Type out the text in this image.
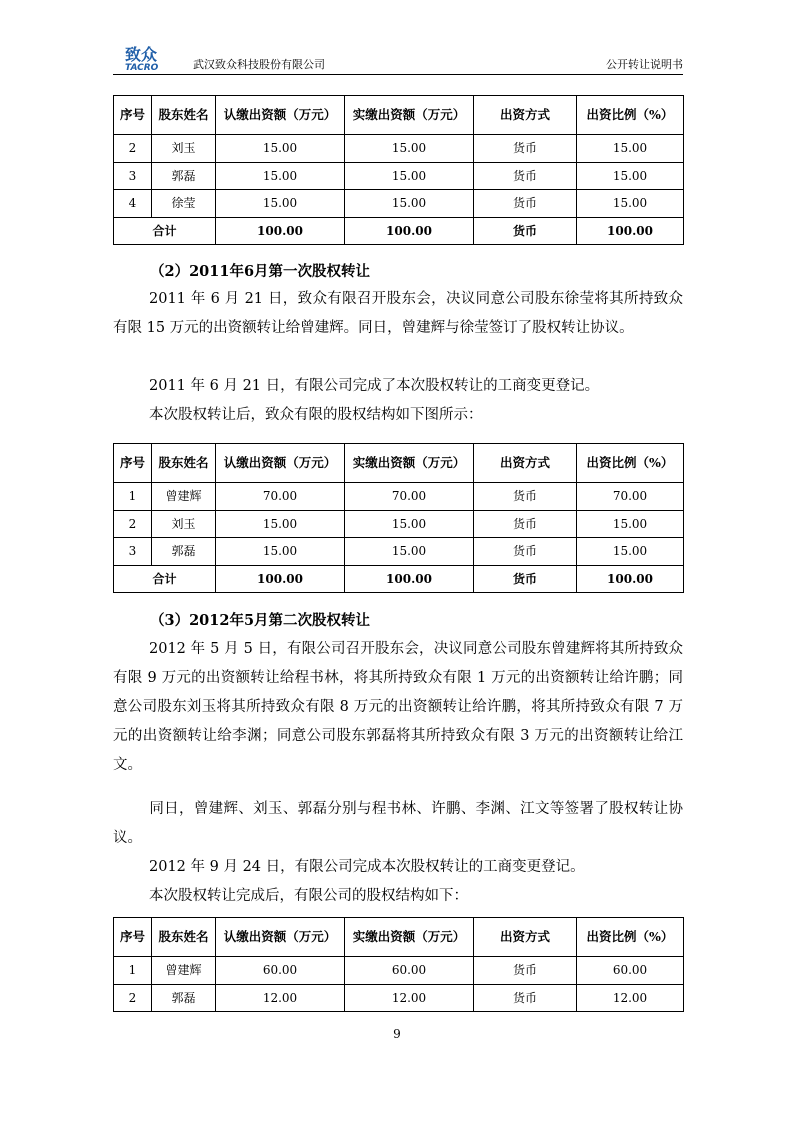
致众
TACRO	武汉致众科技股份有限公司	公开转让说明书
序号	股东姓名	认缴出资额（万元）	实缴出资额（万元）	出资方式	出资比例（%）
2	刘玉	15.00	15.00	货币	15.00
3	郭磊	15.00	15.00	货币	15.00
4	徐莹	15.00	15.00	货币	15.00
合计		100.00	100.00	货币	100.00
（2）2011年6月第一次股权转让
2011 年 6 月 21 日，致众有限召开股东会，决议同意公司股东徐莹将其所持致众有限 15 万元的出资额转让给曾建辉。同日，曾建辉与徐莹签订了股权转让协议。
2011 年 6 月 21 日，有限公司完成了本次股权转让的工商变更登记。
本次股权转让后，致众有限的股权结构如下图所示：
序号	股东姓名	认缴出资额（万元）	实缴出资额（万元）	出资方式	出资比例（%）
1	曾建辉	70.00	70.00	货币	70.00
2	刘玉	15.00	15.00	货币	15.00
3	郭磊	15.00	15.00	货币	15.00
合计		100.00	100.00	货币	100.00
（3）2012年5月第二次股权转让
2012 年 5 月 5 日，有限公司召开股东会，决议同意公司股东曾建辉将其所持致众有限 9 万元的出资额转让给程书林，将其所持致众有限 1 万元的出资额转让给许鹏；同意公司股东刘玉将其所持致众有限 8 万元的出资额转让给许鹏，将其所持致众有限 7 万元的出资额转让给李渊；同意公司股东郭磊将其所持致众有限 3 万元的出资额转让给江文。
同日，曾建辉、刘玉、郭磊分别与程书林、许鹏、李渊、江文等签署了股权转让协议。
2012 年 9 月 24 日，有限公司完成本次股权转让的工商变更登记。
本次股权转让完成后，有限公司的股权结构如下：
序号	股东姓名	认缴出资额（万元）	实缴出资额（万元）	出资方式	出资比例（%）
1	曾建辉	60.00	60.00	货币	60.00
2	郭磊	12.00	12.00	货币	12.00
9
